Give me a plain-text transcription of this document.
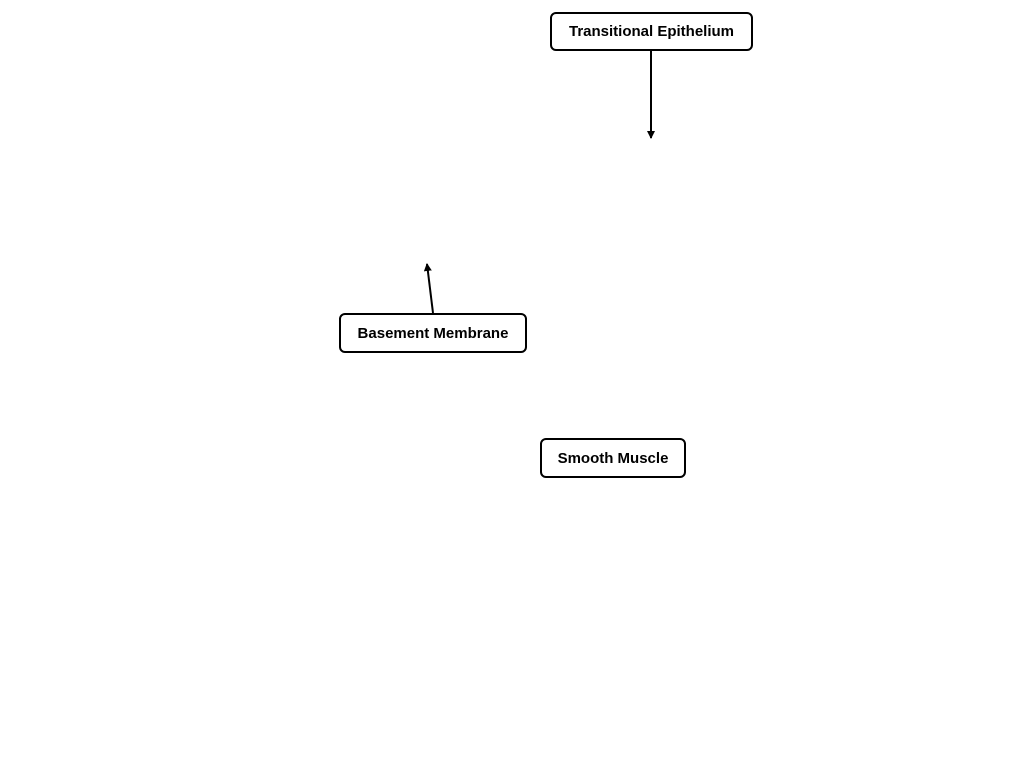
Transitional Epithelium
Basement Membrane
Smooth Muscle
